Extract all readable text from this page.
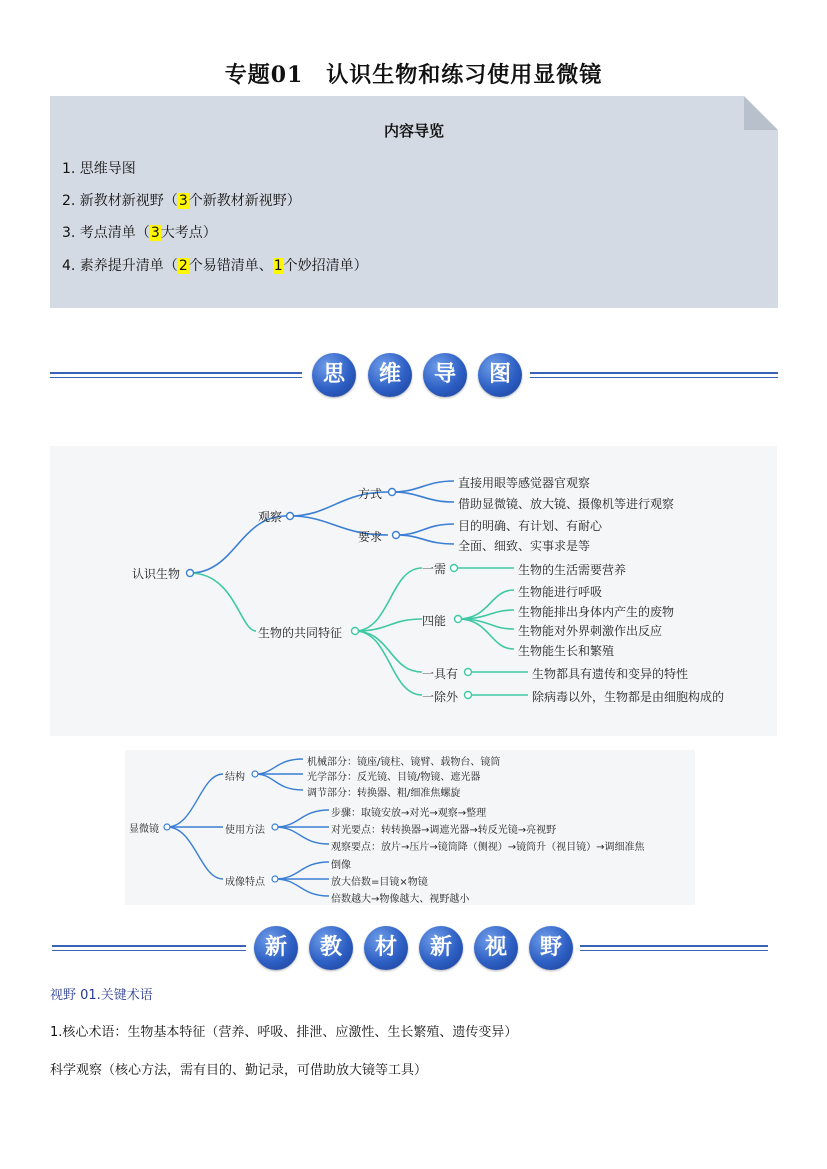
专题01　认识生物和练习使用显微镜
内容导览
1. 思维导图
2. 新教材新视野（3个新教材新视野）
3. 考点清单（3大考点）
4. 素养提升清单（2个易错清单、1个妙招清单）
思	维	导	图
认识生物
观察
方式
直接用眼等感觉器官观察
借助显微镜、放大镜、摄像机等进行观察
要求
目的明确、有计划、有耐心
全面、细致、实事求是等
生物的共同特征
一需	生物的生活需要营养
四能
生物能进行呼吸
生物能排出身体内产生的废物
生物能对外界刺激作出反应
生物能生长和繁殖
一具有	生物都具有遗传和变异的特性
一除外	除病毒以外，生物都是由细胞构成的
显微镜
结构
机械部分：镜座/镜柱、镜臂、载物台、镜筒
光学部分：反光镜、目镜/物镜、遮光器
调节部分：转换器、粗/细准焦螺旋
使用方法
步骤：取镜安放→对光→观察→整理
对光要点：转转换器→调遮光器→转反光镜→亮视野
观察要点：放片→压片→镜筒降（侧视）→镜筒升（视目镜）→调细准焦
成像特点
倒像
放大倍数=目镜×物镜
倍数越大→物像越大、视野越小
新	教	材	新	视	野
视野 01.关键术语
1.核心术语：生物基本特征（营养、呼吸、排泄、应激性、生长繁殖、遗传变异）
科学观察（核心方法，需有目的、勤记录，可借助放大镜等工具）
